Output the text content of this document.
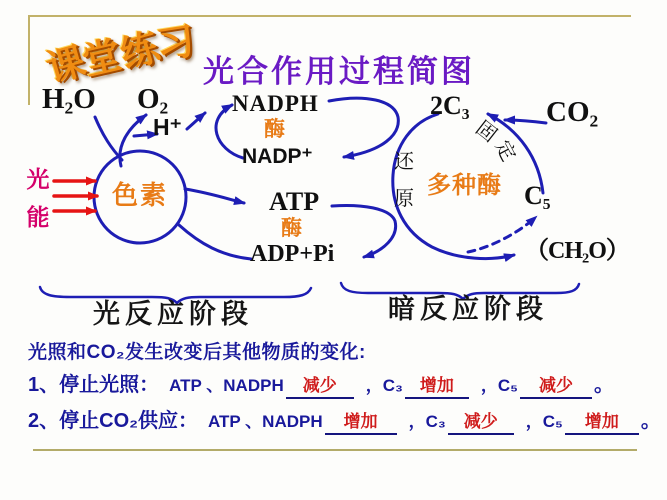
课
堂
练
习
光合作用过程简图
H₂O O₂
H⁺
NADPH
酶
NADP⁺
ATP
酶
ADP+Pi
色素
光能
还原
固
定
多种酶
2C₃	CO₂
C₅
（CH₂O）
光反应阶段	暗反应阶段
光照和CO₂发生改变后其他物质的变化:
1、 停止光照： ATP 、NADPH	减少	，C₃	增加	，C₅	减少	。
2、 停止CO₂供应： ATP 、NADPH	增加	，C₃	减少	，C₅	增加	。
